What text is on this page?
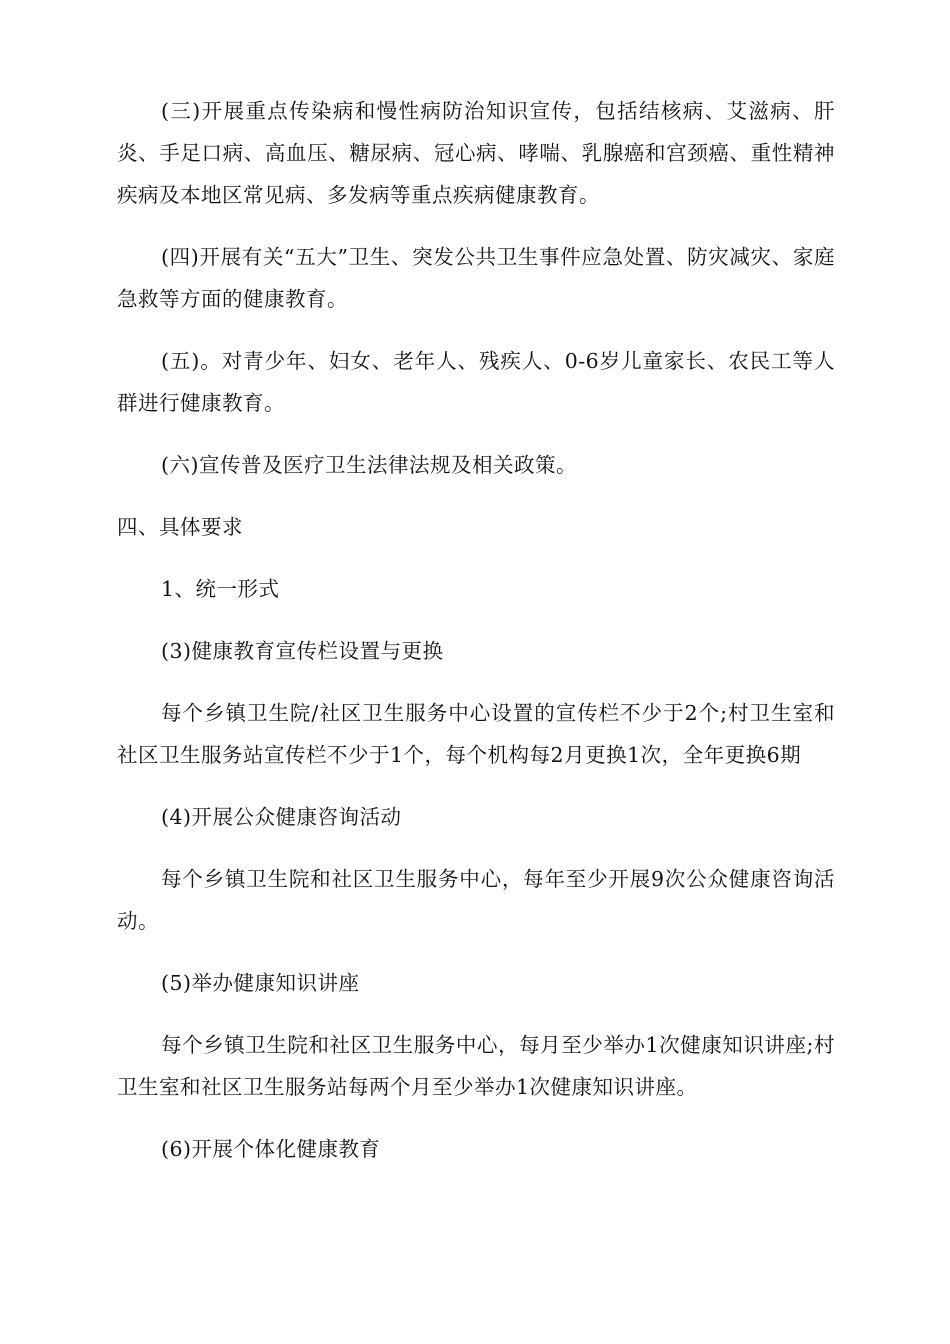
(三)开展重点传染病和慢性病防治知识宣传，包括结核病、艾滋病、肝炎、手足口病、高血压、糖尿病、冠心病、哮喘、乳腺癌和宫颈癌、重性精神疾病及本地区常见病、多发病等重点疾病健康教育。

(四)开展有关“五大”卫生、突发公共卫生事件应急处置、防灾减灾、家庭急救等方面的健康教育。

(五)。对青少年、妇女、老年人、残疾人、0-6岁儿童家长、农民工等人群进行健康教育。

(六)宣传普及医疗卫生法律法规及相关政策。

四、具体要求

1、统一形式

(3)健康教育宣传栏设置与更换

每个乡镇卫生院/社区卫生服务中心设置的宣传栏不少于2个;村卫生室和社区卫生服务站宣传栏不少于1个，每个机构每2月更换1次，全年更换6期

(4)开展公众健康咨询活动

每个乡镇卫生院和社区卫生服务中心，每年至少开展9次公众健康咨询活动。

(5)举办健康知识讲座

每个乡镇卫生院和社区卫生服务中心，每月至少举办1次健康知识讲座;村卫生室和社区卫生服务站每两个月至少举办1次健康知识讲座。

(6)开展个体化健康教育
